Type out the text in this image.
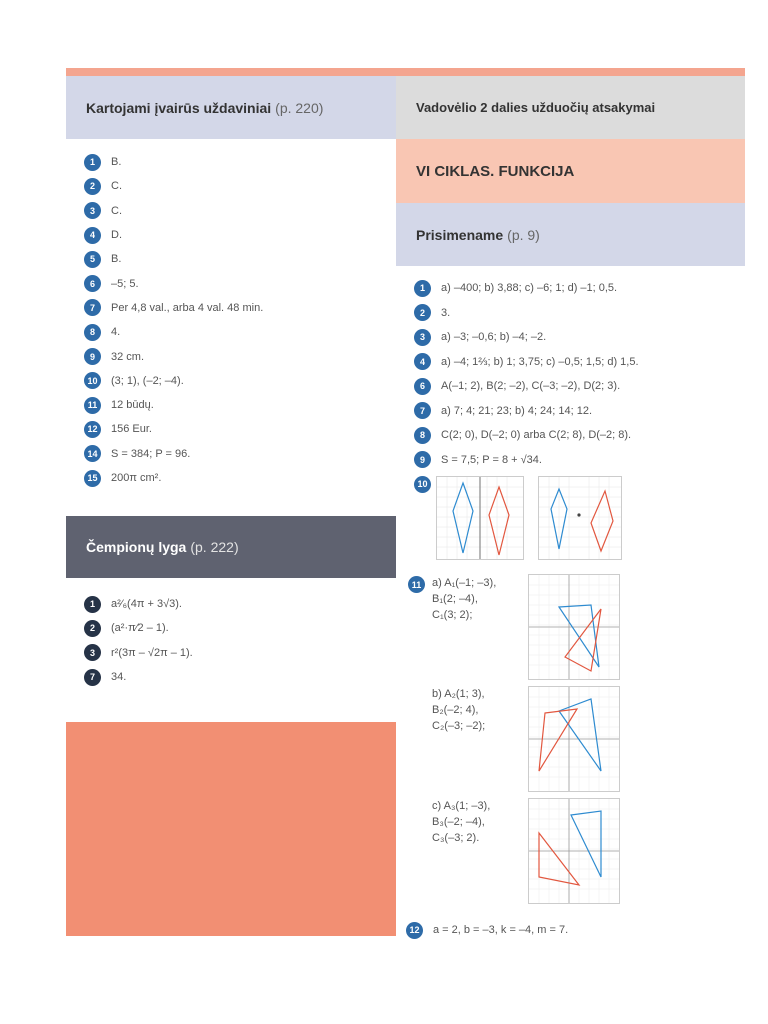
Kartojami įvairūs uždaviniai (p. 220)
1	B.
2	C.
3	C.
4	D.
5	B.
6	–5; 5.
7	Per 4,8 val., arba 4 val. 48 min.
8	4.
9	32 cm.
10	(3; 1), (–2; –4).
11	12 būdų.
12	156 Eur.
14	S = 384; P = 96.
15	200π cm².
Čempionų lyga (p. 222)
1	a²⁄₆(4π + 3√3).
2	(a²·π⁄2 – 1).
3	r²(3π – √2π – 1).
7	34.
Vadovėlio 2 dalies užduočių atsakymai
VI CIKLAS. FUNKCIJA
Prisimename (p. 9)
1	a) –400; b) 3,88; c) –6; 1; d) –1; 0,5.
2	3.
3	a) –3; –0,6; b) –4; –2.
4	a) –4; 1⅔; b) 1; 3,75; c) –0,5; 1,5; d) 1,5.
6	A(–1; 2), B(2; –2), C(–3; –2), D(2; 3).
7	a) 7; 4; 21; 23; b) 4; 24; 14; 12.
8	C(2; 0), D(–2; 0) arba C(2; 8), D(–2; 8).
9	S = 7,5; P = 8 + √34.
10
11 a) A₁(–1; –3),
B₁(2; –4),
C₁(3; 2);
b) A₂(1; 3),
B₂(–2; 4),
C₂(–3; –2);
c) A₃(1; –3),
B₃(–2; –4),
C₃(–3; 2).
12	a = 2, b = –3, k = –4, m = 7.
